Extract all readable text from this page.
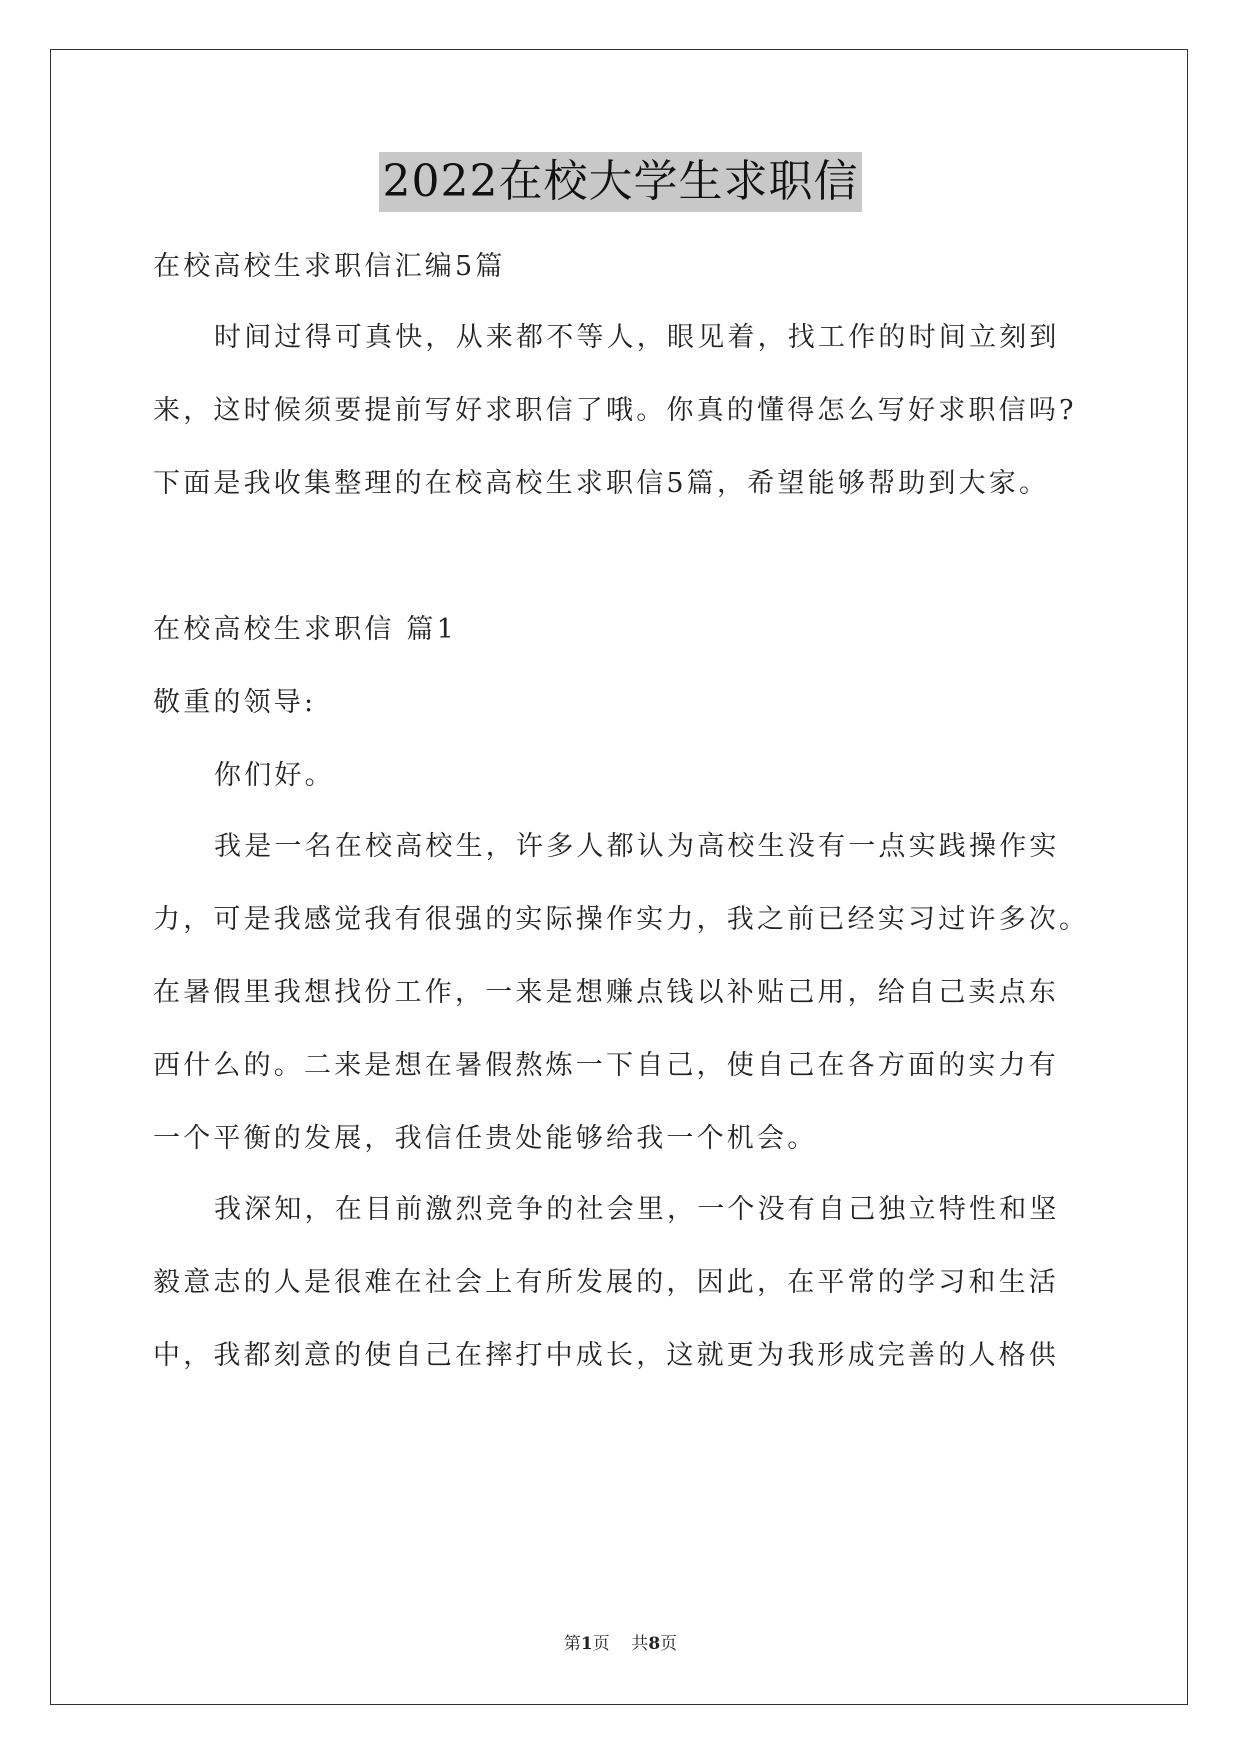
2022在校大学生求职信
在校高校生求职信汇编5篇
时间过得可真快，从来都不等人，眼见着，找工作的时间立刻到
来，这时候须要提前写好求职信了哦。你真的懂得怎么写好求职信吗?
下面是我收集整理的在校高校生求职信5篇，希望能够帮助到大家。
在校高校生求职信 篇1
敬重的领导:
你们好。
我是一名在校高校生，许多人都认为高校生没有一点实践操作实
力，可是我感觉我有很强的实际操作实力，我之前已经实习过许多次。
在暑假里我想找份工作，一来是想赚点钱以补贴己用，给自己卖点东
西什么的。二来是想在暑假熬炼一下自己，使自己在各方面的实力有
一个平衡的发展，我信任贵处能够给我一个机会。
我深知，在目前激烈竞争的社会里，一个没有自己独立特性和坚
毅意志的人是很难在社会上有所发展的，因此，在平常的学习和生活
中，我都刻意的使自己在摔打中成长，这就更为我形成完善的人格供
第1页    共8页
